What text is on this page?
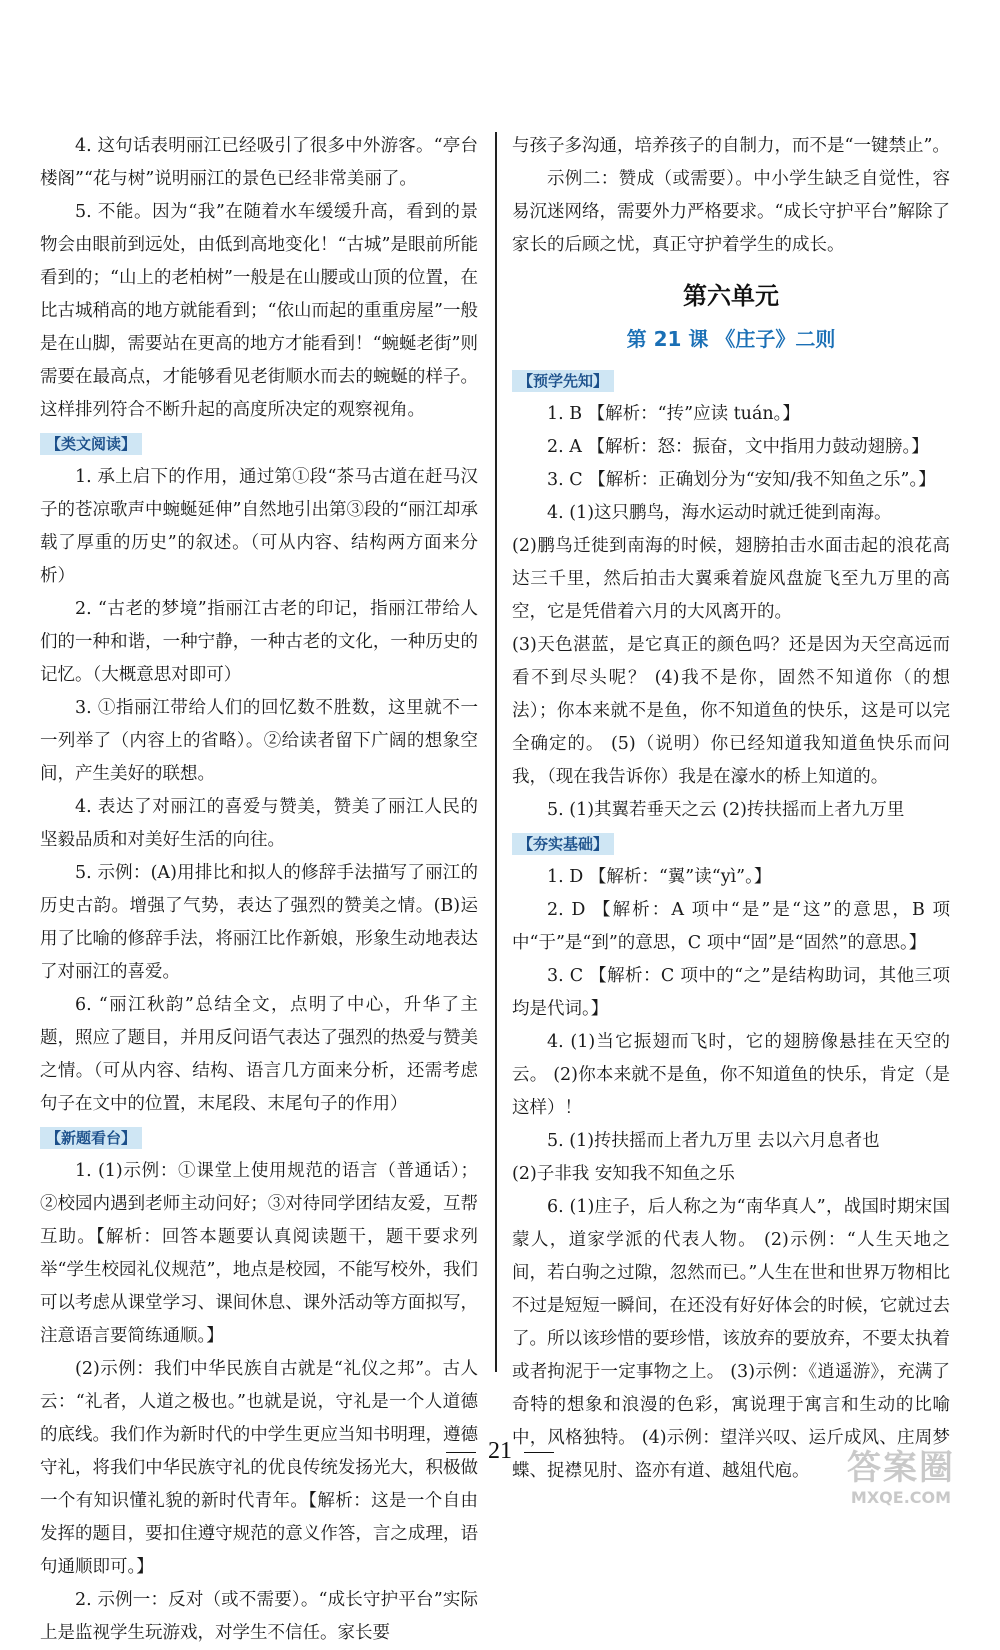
4. 这句话表明丽江已经吸引了很多中外游客。“亭台楼阁”“花与树”说明丽江的景色已经非常美丽了。

5. 不能。因为“我”在随着水车缓缓升高，看到的景物会由眼前到远处，由低到高地变化！“古城”是眼前所能看到的；“山上的老柏树”一般是在山腰或山顶的位置，在比古城稍高的地方就能看到；“依山而起的重重房屋”一般是在山脚，需要站在更高的地方才能看到！“蜿蜒老街”则需要在最高点，才能够看见老街顺水而去的蜿蜒的样子。这样排列符合不断升起的高度所决定的观察视角。

【类文阅读】

1. 承上启下的作用，通过第①段“茶马古道在赶马汉子的苍凉歌声中蜿蜒延伸”自然地引出第③段的“丽江却承载了厚重的历史”的叙述。（可从内容、结构两方面来分析）

2. “古老的梦境”指丽江古老的印记，指丽江带给人们的一种和谐，一种宁静，一种古老的文化，一种历史的记忆。（大概意思对即可）

3. ①指丽江带给人们的回忆数不胜数，这里就不一一列举了（内容上的省略）。②给读者留下广阔的想象空间，产生美好的联想。

4. 表达了对丽江的喜爱与赞美，赞美了丽江人民的坚毅品质和对美好生活的向往。

5. 示例：(A)用排比和拟人的修辞手法描写了丽江的历史古韵。增强了气势，表达了强烈的赞美之情。(B)运用了比喻的修辞手法，将丽江比作新娘，形象生动地表达了对丽江的喜爱。

6. “丽江秋韵”总结全文，点明了中心，升华了主题，照应了题目，并用反问语气表达了强烈的热爱与赞美之情。（可从内容、结构、语言几方面来分析，还需考虑句子在文中的位置，末尾段、末尾句子的作用）

【新题看台】

1. (1)示例：①课堂上使用规范的语言（普通话）；②校园内遇到老师主动问好；③对待同学团结友爱，互帮互助。【解析：回答本题要认真阅读题干，题干要求列举“学生校园礼仪规范”，地点是校园，不能写校外，我们可以考虑从课堂学习、课间休息、课外活动等方面拟写，注意语言要简练通顺。】

(2)示例：我们中华民族自古就是“礼仪之邦”。古人云：“礼者，人道之极也。”也就是说，守礼是一个人道德的底线。我们作为新时代的中学生更应当知书明理，遵德守礼，将我们中华民族守礼的优良传统发扬光大，积极做一个有知识懂礼貌的新时代青年。【解析：这是一个自由发挥的题目，要扣住遵守规范的意义作答，言之成理，语句通顺即可。】

2. 示例一：反对（或不需要）。“成长守护平台”实际上是监视学生玩游戏，对学生不信任。家长要

与孩子多沟通，培养孩子的自制力，而不是“一键禁止”。

示例二：赞成（或需要）。中小学生缺乏自觉性，容易沉迷网络，需要外力严格要求。“成长守护平台”解除了家长的后顾之忧，真正守护着学生的成长。

第六单元
第 21 课 《庄子》二则
【预学先知】

1. B 【解析：“抟”应读 tuán。】

2. A 【解析：怒：振奋，文中指用力鼓动翅膀。】

3. C 【解析：正确划分为“安知/我不知鱼之乐”。】

4. (1)这只鹏鸟，海水运动时就迁徙到南海。

(2)鹏鸟迁徙到南海的时候，翅膀拍击水面击起的浪花高达三千里，然后拍击大翼乘着旋风盘旋飞至九万里的高空，它是凭借着六月的大风离开的。

(3)天色湛蓝，是它真正的颜色吗？还是因为天空高远而看不到尽头呢？ (4)我不是你，固然不知道你（的想法）；你本来就不是鱼，你不知道鱼的快乐，这是可以完全确定的。 (5)（说明）你已经知道我知道鱼快乐而问我，（现在我告诉你）我是在濠水的桥上知道的。

5. (1)其翼若垂天之云 (2)抟扶摇而上者九万里

【夯实基础】

1. D 【解析：“翼”读“yì”。】

2. D 【解析：A 项中“是”是“这”的意思，B 项中“于”是“到”的意思，C 项中“固”是“固然”的意思。】

3. C 【解析：C 项中的“之”是结构助词，其他三项均是代词。】

4. (1)当它振翅而飞时，它的翅膀像悬挂在天空的云。 (2)你本来就不是鱼，你不知道鱼的快乐，肯定（是这样）！

5. (1)抟扶摇而上者九万里 去以六月息者也

(2)子非我 安知我不知鱼之乐

6. (1)庄子，后人称之为“南华真人”，战国时期宋国蒙人，道家学派的代表人物。 (2)示例：“人生天地之间，若白驹之过隙，忽然而已。”人生在世和世界万物相比不过是短短一瞬间，在还没有好好体会的时候，它就过去了。所以该珍惜的要珍惜，该放弃的要放弃，不要太执着或者拘泥于一定事物之上。 (3)示例：《逍遥游》，充满了奇特的想象和浪漫的色彩，寓说理于寓言和生动的比喻中，风格独特。 (4)示例：望洋兴叹、运斤成风、庄周梦蝶、捉襟见肘、盗亦有道、越俎代庖。

21	答案圈
MXQE.COM
